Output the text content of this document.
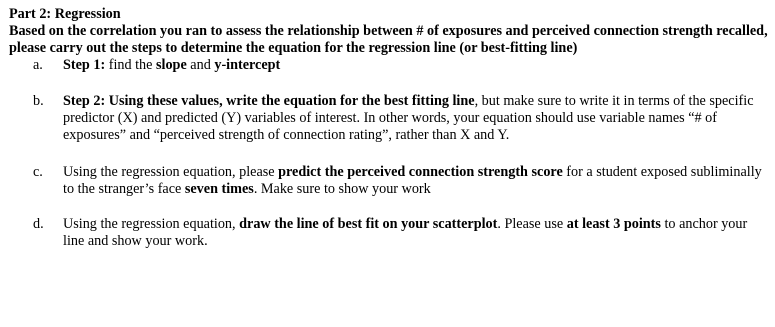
Part 2: Regression
Based on the correlation you ran to assess the relationship between # of exposures and perceived connection strength recalled, please carry out the steps to determine the equation for the regression line (or best-fitting line)
a. Step 1: find the slope and y-intercept
b. Step 2: Using these values, write the equation for the best fitting line, but make sure to write it in terms of the specific predictor (X) and predicted (Y) variables of interest. In other words, your equation should use variable names “# of exposures” and “perceived strength of connection rating”, rather than X and Y.
c. Using the regression equation, please predict the perceived connection strength score for a student exposed subliminally to the stranger’s face seven times. Make sure to show your work
d. Using the regression equation, draw the line of best fit on your scatterplot. Please use at least 3 points to anchor your line and show your work.
